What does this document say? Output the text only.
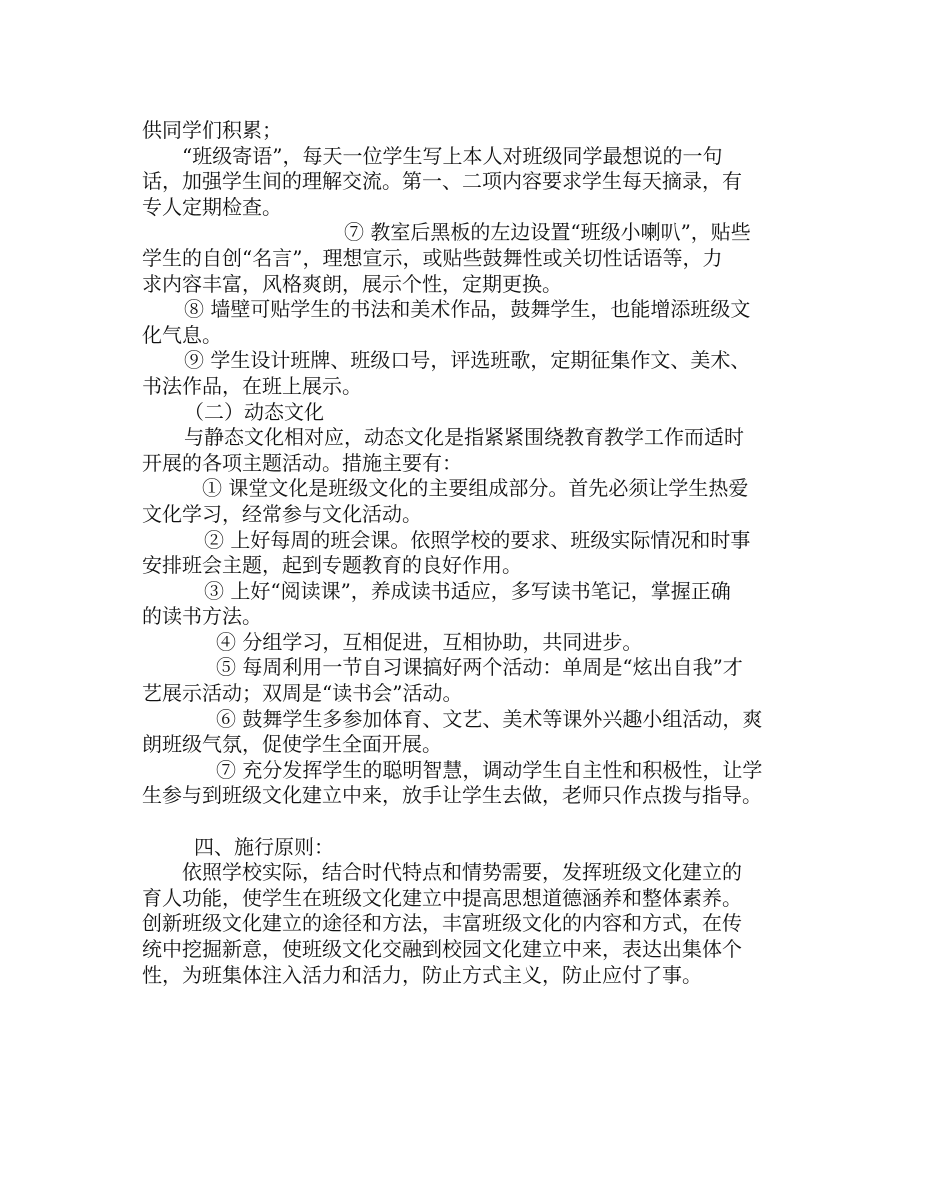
供同学们积累；

“班级寄语”，每天一位学生写上本人对班级同学最想说的一句

话，加强学生间的理解交流。第一、二项内容要求学生每天摘录，有

专人定期检查。

⑦ 教室后黑板的左边设置“班级小喇叭”，贴些

学生的自创“名言”，理想宣示，或贴些鼓舞性或关切性话语等，力

求内容丰富，风格爽朗，展示个性，定期更换。

⑧ 墙壁可贴学生的书法和美术作品，鼓舞学生，也能增添班级文

化气息。

⑨ 学生设计班牌、班级口号，评选班歌，定期征集作文、美术、

书法作品，在班上展示。

（二）动态文化

与静态文化相对应，动态文化是指紧紧围绕教育教学工作而适时

开展的各项主题活动。措施主要有：

① 课堂文化是班级文化的主要组成部分。首先必须让学生热爱

文化学习，经常参与文化活动。

② 上好每周的班会课。依照学校的要求、班级实际情况和时事

安排班会主题，起到专题教育的良好作用。

③ 上好“阅读课”，养成读书适应，多写读书笔记，掌握正确

的读书方法。

④ 分组学习，互相促进，互相协助，共同进步。

⑤ 每周利用一节自习课搞好两个活动：单周是“炫出自我”才

艺展示活动；双周是“读书会”活动。

⑥ 鼓舞学生多参加体育、文艺、美术等课外兴趣小组活动，爽

朗班级气氛，促使学生全面开展。

⑦ 充分发挥学生的聪明智慧，调动学生自主性和积极性，让学

生参与到班级文化建立中来，放手让学生去做，老师只作点拨与指导。

四、施行原则：

依照学校实际，结合时代特点和情势需要，发挥班级文化建立的

育人功能，使学生在班级文化建立中提高思想道德涵养和整体素养。

创新班级文化建立的途径和方法，丰富班级文化的内容和方式，在传

统中挖掘新意，使班级文化交融到校园文化建立中来，表达出集体个

性，为班集体注入活力和活力，防止方式主义，防止应付了事。
